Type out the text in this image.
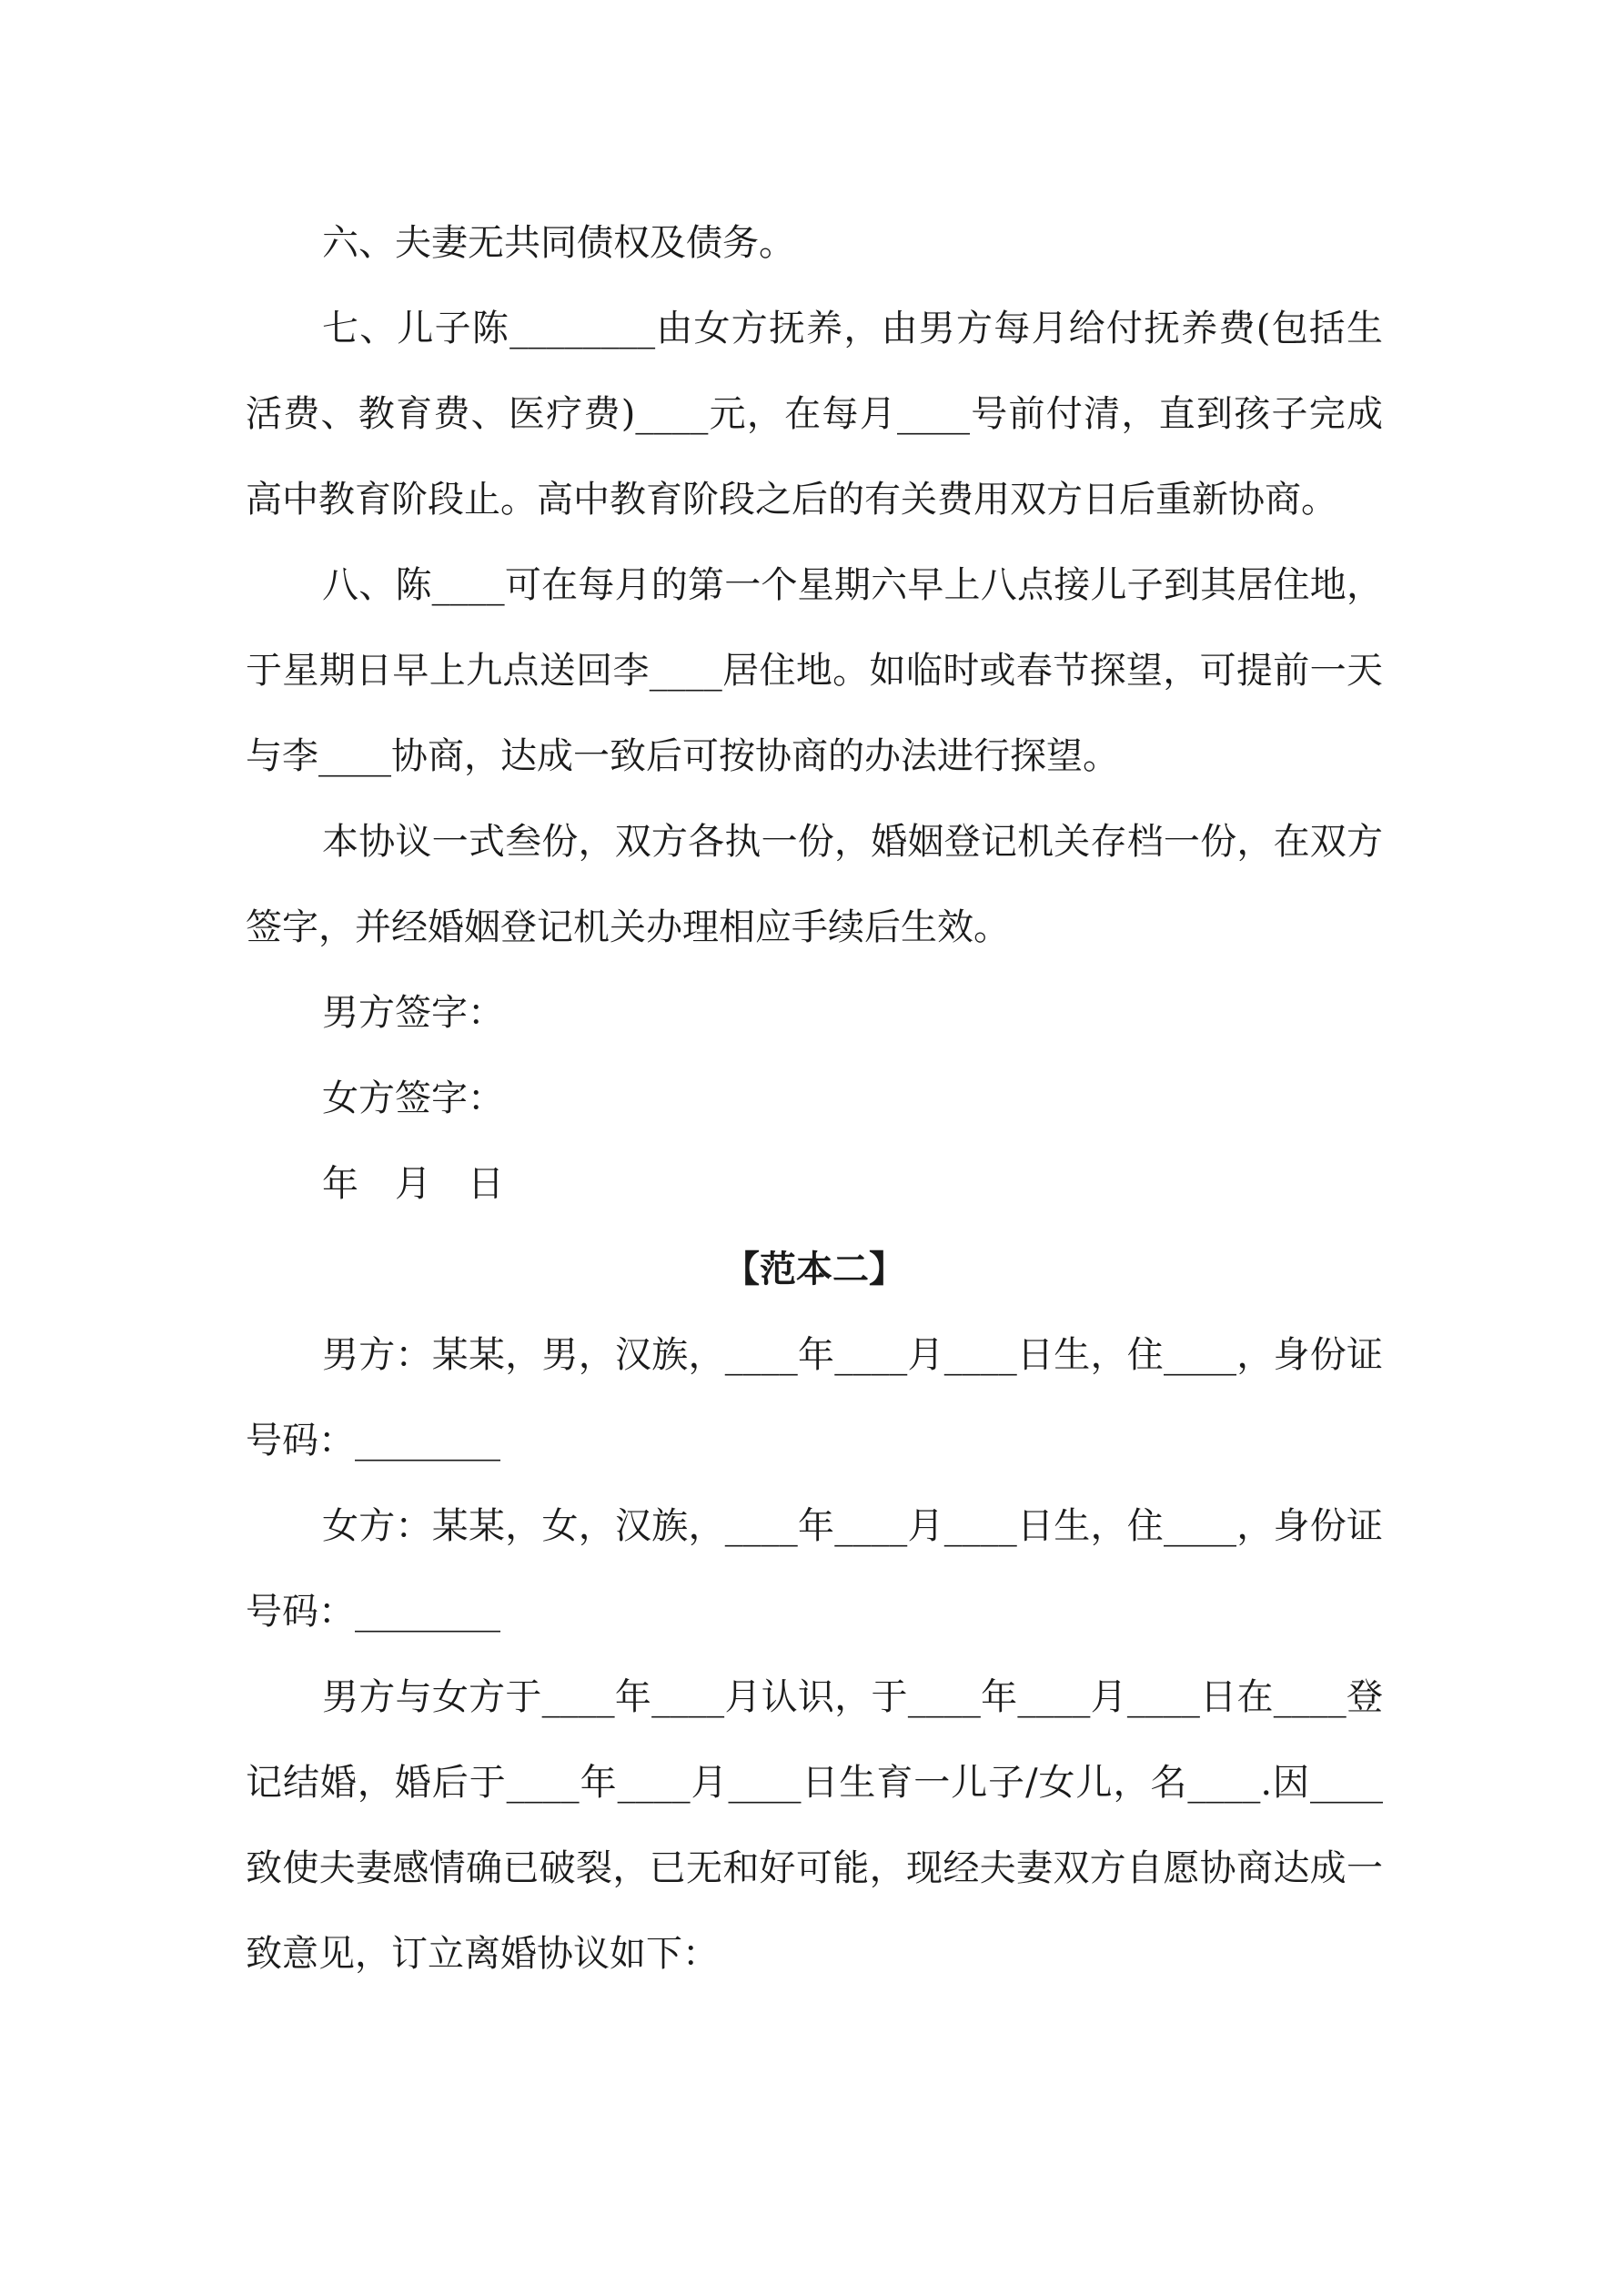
六、夫妻无共同债权及债务。

七、儿子陈________由女方抚养，由男方每月给付抚养费(包括生活费、教育费、医疗费)____元，在每月____号前付清，直到孩子完成高中教育阶段止。高中教育阶段之后的有关费用双方日后重新协商。

八、陈____可在每月的第一个星期六早上八点接儿子到其居住地，于星期日早上九点送回李____居住地。如临时或春节探望，可提前一天与李____协商，达成一致后可按协商的办法进行探望。

本协议一式叁份，双方各执一份，婚姻登记机关存档一份，在双方签字，并经婚姻登记机关办理相应手续后生效。

男方签字：

女方签字：

年　月　日

【范本二】

男方：某某，男，汉族，____年____月____日生，住____，身份证号码：________

女方：某某，女，汉族，____年____月____日生，住____，身份证号码：________

男方与女方于____年____月认识，于____年____月____日在____登记结婚，婚后于____年____月____日生育一儿子/女儿，名____.因____致使夫妻感情确已破裂，已无和好可能，现经夫妻双方自愿协商达成一致意见，订立离婚协议如下：
